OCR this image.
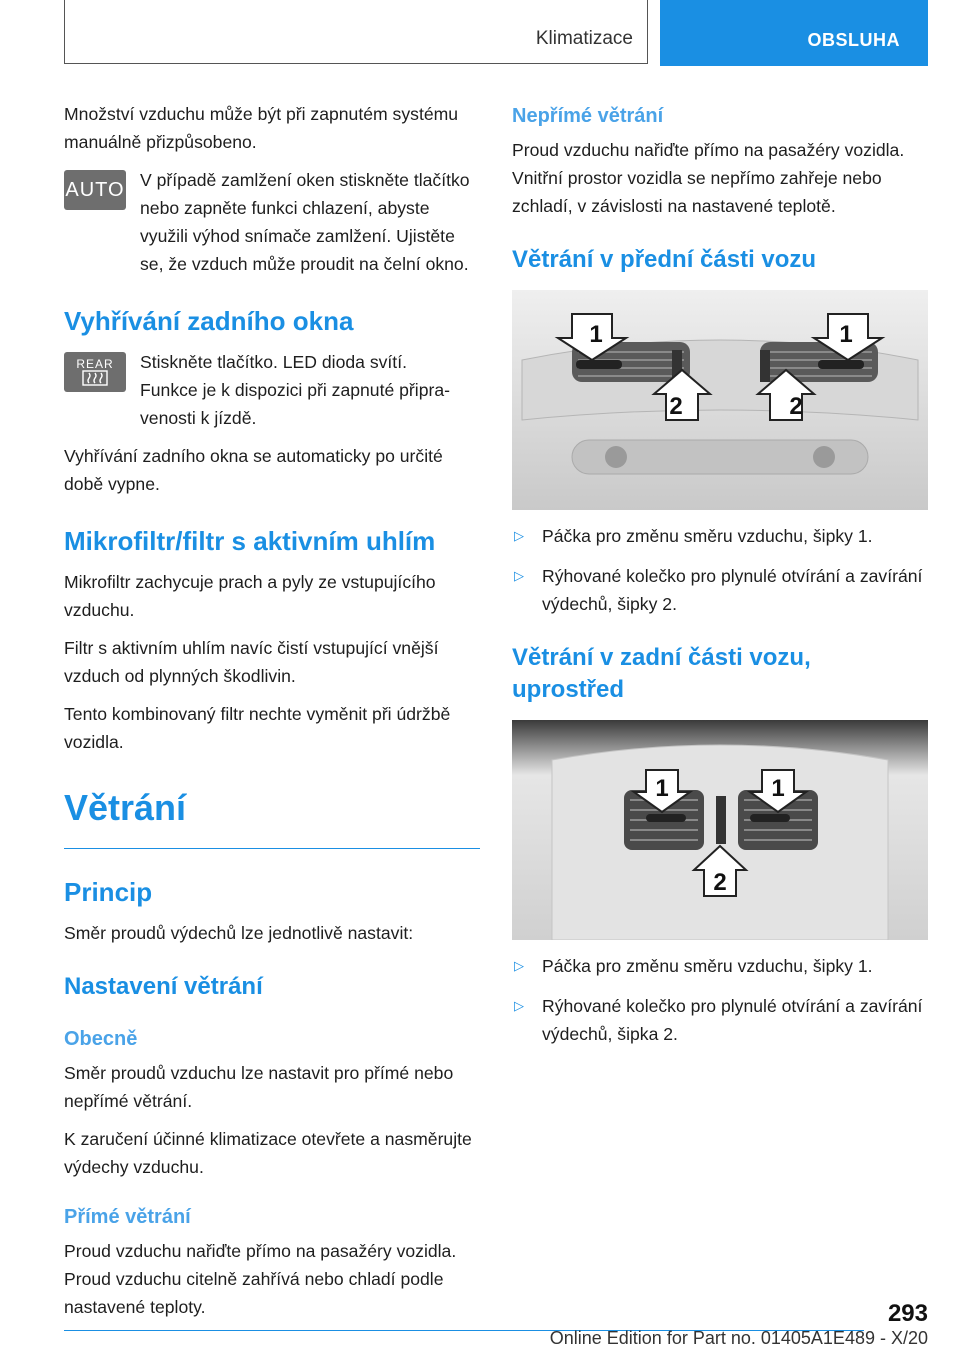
Klimatizace	OBSLUHA

Množství vzduchu může být při zapnutém systému manuálně přizpůsobeno.

AUTO V případě zamlžení oken stiskněte tlačítko nebo zapněte funkci chlazení, abyste využili výhod snímače zamlžení. Ujistěte se, že vzduch může proudit na čelní okno.

Vyhřívání zadního okna

REAR Stiskněte tlačítko. LED dioda svítí.
Funkce je k dispozici při zapnuté připravenosti k jízdě.

Vyhřívání zadního okna se automaticky po určité době vypne.

Mikrofiltr/filtr s aktivním uhlím

Mikrofiltr zachycuje prach a pyly ze vstupujícího vzduchu.

Filtr s aktivním uhlím navíc čistí vstupující vnější vzduch od plynných škodlivin.

Tento kombinovaný filtr nechte vyměnit při údržbě vozidla.

Větrání
Princip

Směr proudů výdechů lze jednotlivě nastavit:

Nastavení větrání
Obecně

Směr proudů vzduchu lze nastavit pro přímé nebo nepřímé větrání.

K zaručení účinné klimatizace otevřete a nasměrujte výdechy vzduchu.

Přímé větrání

Proud vzduchu nařiďte přímo na pasažéry vozidla. Proud vzduchu citelně zahřívá nebo chladí podle nastavené teploty.

Nepřímé větrání

Proud vzduchu nařiďte přímo na pasažéry vozidla. Vnitřní prostor vozidla se nepřímo zahřeje nebo zchladí, v závislosti na nastavené teplotě.

Větrání v přední části vozu
1	1
2	2
▷ Páčka pro změnu směru vzduchu, šipky 1.
▷ Rýhované kolečko pro plynulé otvírání a zavírání výdechů, šipky 2.
Větrání v zadní části vozu, uprostřed
1	1
2
▷ Páčka pro změnu směru vzduchu, šipky 1.
▷ Rýhované kolečko pro plynulé otvírání a zavírání výdechů, šipka 2.
293
Online Edition for Part no. 01405A1E489 - X/20
